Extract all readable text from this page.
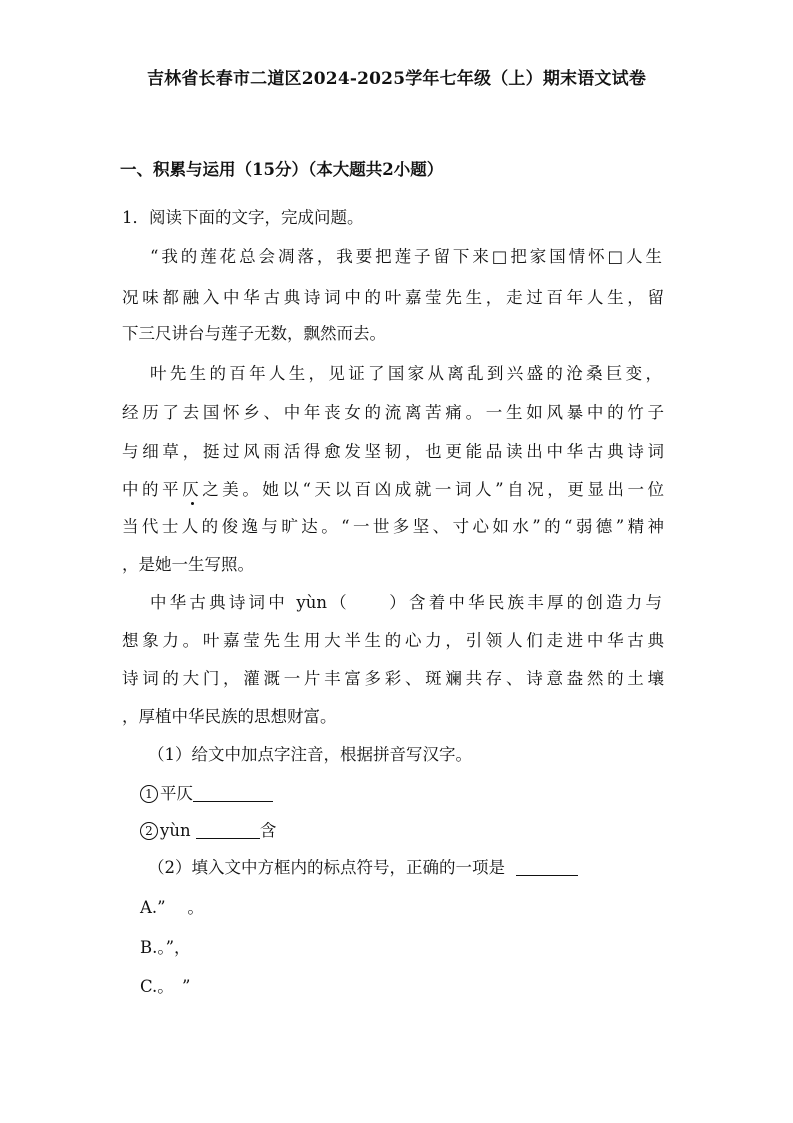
吉林省长春市二道区2024-2025学年七年级（上）期末语文试卷
一、积累与运用（15分）（本大题共2小题）
1．阅读下面的文字，完成问题。
“我的莲花总会凋落，我要把莲子留下来□把家国情怀□人生
况味都融入中华古典诗词中的叶嘉莹先生，走过百年人生，留
下三尺讲台与莲子无数，飘然而去。
叶先生的百年人生，见证了国家从离乱到兴盛的沧桑巨变，
经历了去国怀乡、中年丧女的流离苦痛。一生如风暴中的竹子
与细草，挺过风雨活得愈发坚韧，也更能品读出中华古典诗词
中的平仄之美。她以“天以百凶成就一词人”自况，更显出一位
当代士人的俊逸与旷达。“一世多坚、寸心如水”的“弱德”精神
，是她一生写照。
中华古典诗词中 yùn（　　）含着中华民族丰厚的创造力与
想象力。叶嘉莹先生用大半生的心力，引领人们走进中华古典
诗词的大门，灌溉一片丰富多彩、斑斓共存、诗意盎然的土壤
，厚植中华民族的思想财富。
（1）给文中加点字注音，根据拼音写汉字。
1 平仄
2 yùn	含
（2）填入文中方框内的标点符号，正确的一项是
A.”　 。
B.。”，
C.。　”
